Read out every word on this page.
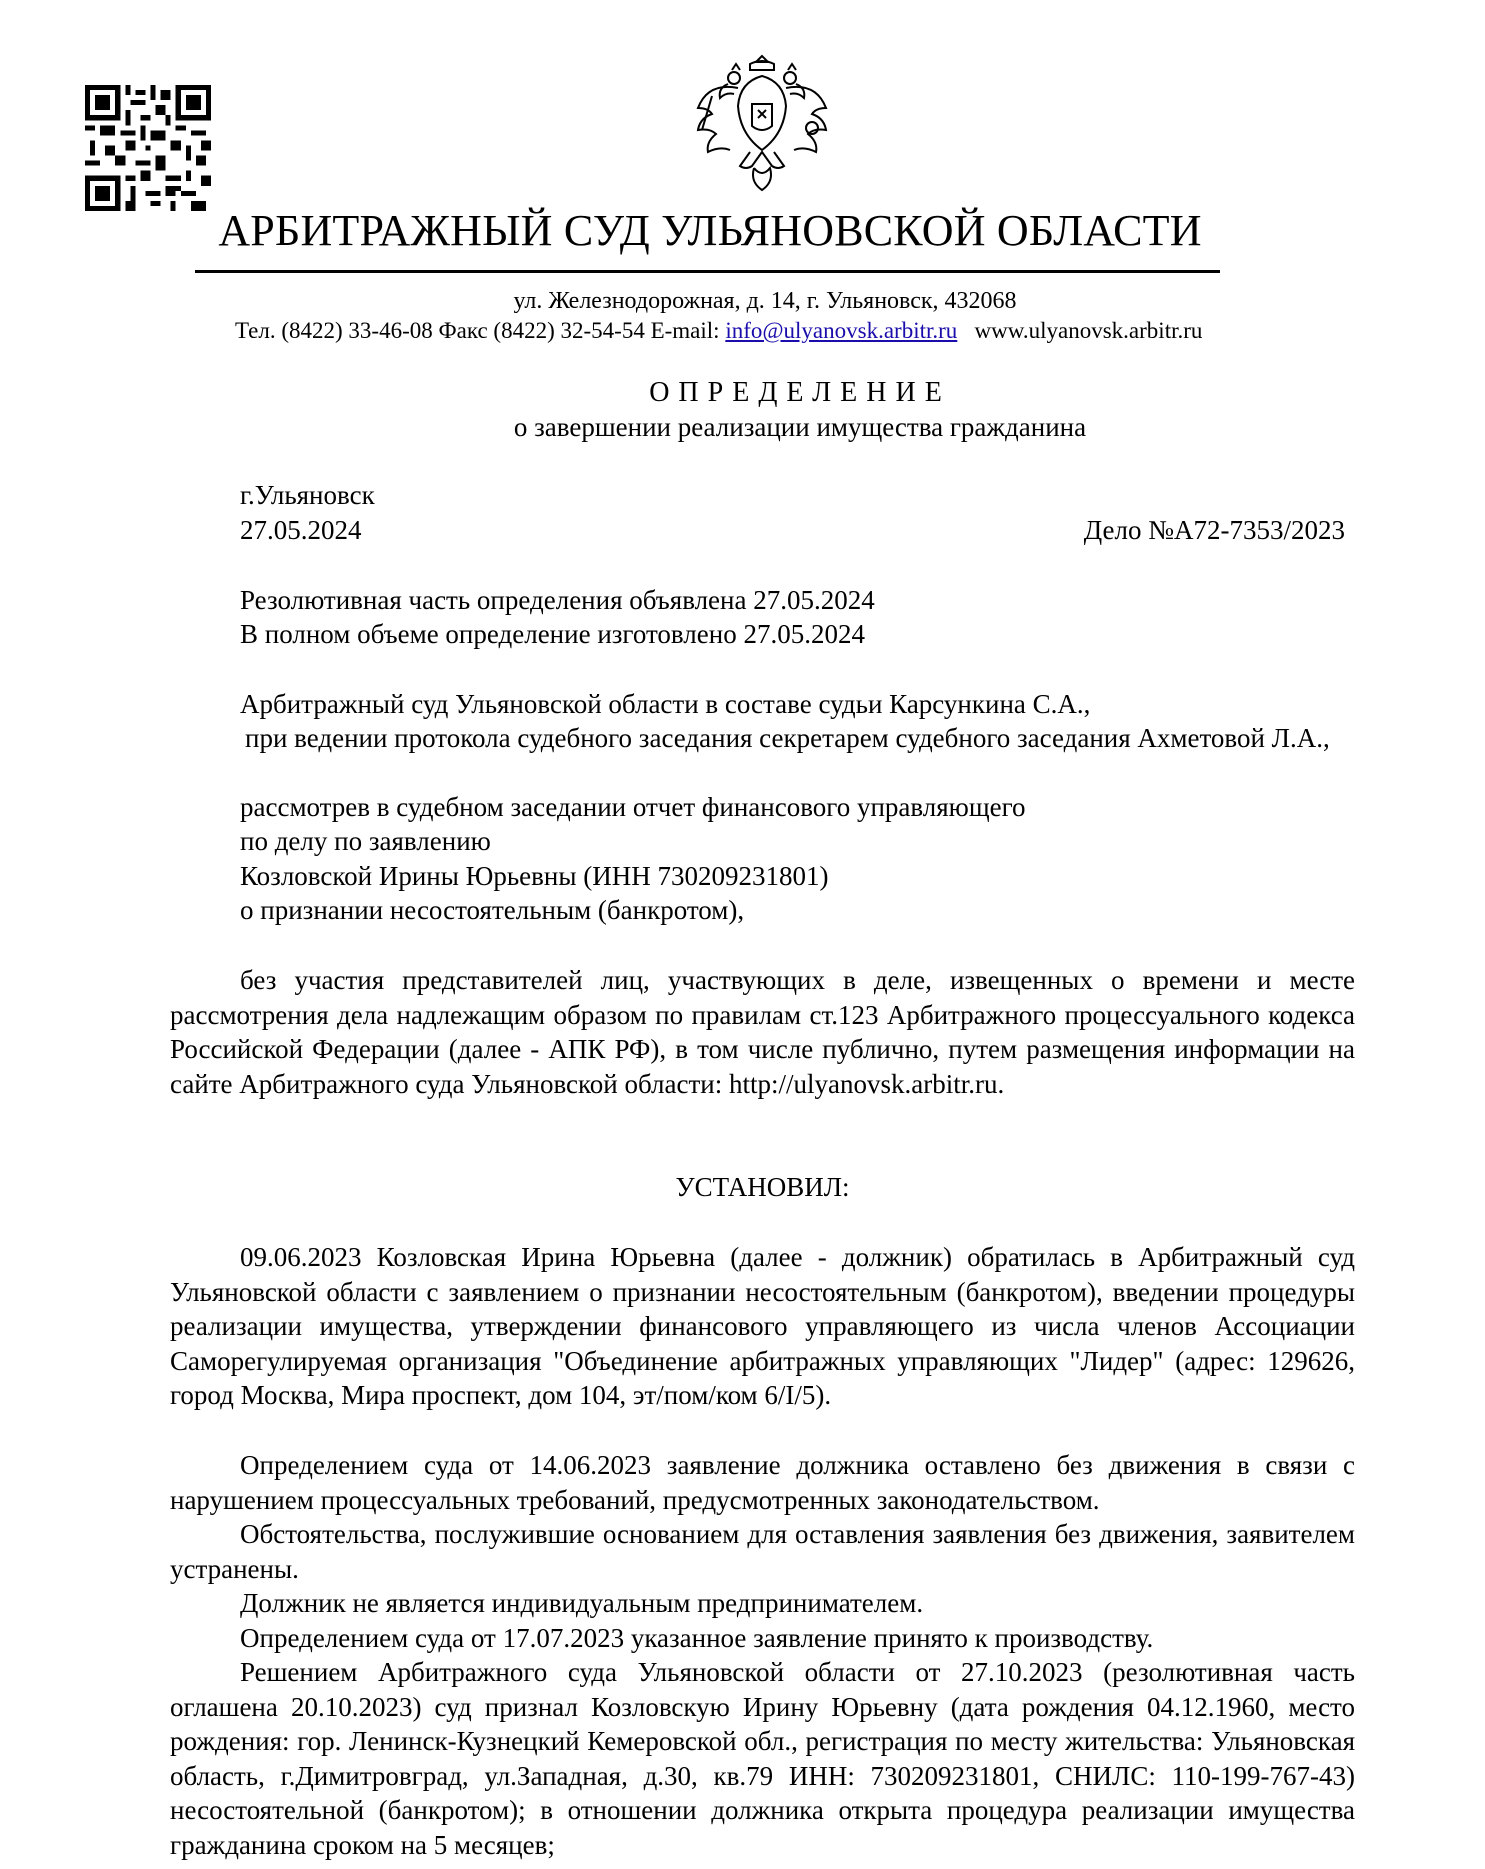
АРБИТРАЖНЫЙ СУД УЛЬЯНОВСКОЙ ОБЛАСТИ
ул. Железнодорожная, д. 14, г. Ульяновск, 432068
Тел. (8422) 33-46-08 Факс (8422) 32-54-54 E-mail: info@ulyanovsk.arbitr.ru www.ulyanovsk.arbitr.ru
ОПРЕДЕЛЕНИЕ
о завершении реализации имущества гражданина
г.Ульяновск
27.05.2024	Дело №А72-7353/2023
Резолютивная часть определения объявлена 27.05.2024
В полном объеме определение изготовлено 27.05.2024
Арбитражный суд Ульяновской области в составе судьи Карсункина С.А.,
при ведении протокола судебного заседания секретарем судебного заседания Ахметовой Л.А.,
рассмотрев в судебном заседании отчет финансового управляющего
по делу по заявлению
Козловской Ирины Юрьевны (ИНН 730209231801)
о признании несостоятельным (банкротом),
без участия представителей лиц, участвующих в деле, извещенных о времени и месте рассмотрения дела надлежащим образом по правилам ст.123 Арбитражного процессуального кодекса Российской Федерации (далее - АПК РФ), в том числе публично, путем размещения информации на сайте Арбитражного суда Ульяновской области: http://ulyanovsk.arbitr.ru.
УСТАНОВИЛ:
09.06.2023 Козловская Ирина Юрьевна (далее - должник) обратилась в Арбитражный суд Ульяновской области с заявлением о признании несостоятельным (банкротом), введении процедуры реализации имущества, утверждении финансового управляющего из числа членов Ассоциации Саморегулируемая организация "Объединение арбитражных управляющих "Лидер" (адрес: 129626, город Москва, Мира проспект, дом 104, эт/пом/ком 6/I/5).
Определением суда от 14.06.2023 заявление должника оставлено без движения в связи с нарушением процессуальных требований, предусмотренных законодательством.
Обстоятельства, послужившие основанием для оставления заявления без движения, заявителем устранены.
Должник не является индивидуальным предпринимателем.
Определением суда от 17.07.2023 указанное заявление принято к производству.
Решением Арбитражного суда Ульяновской области от 27.10.2023 (резолютивная часть оглашена 20.10.2023) суд признал Козловскую Ирину Юрьевну (дата рождения 04.12.1960, место рождения: гор. Ленинск-Кузнецкий Кемеровской обл., регистрация по месту жительства: Ульяновская область, г.Димитровград, ул.Западная, д.30, кв.79 ИНН: 730209231801, СНИЛС: 110-199-767-43) несостоятельной (банкротом); в отношении должника открыта процедура реализации имущества гражданина сроком на 5 месяцев;
